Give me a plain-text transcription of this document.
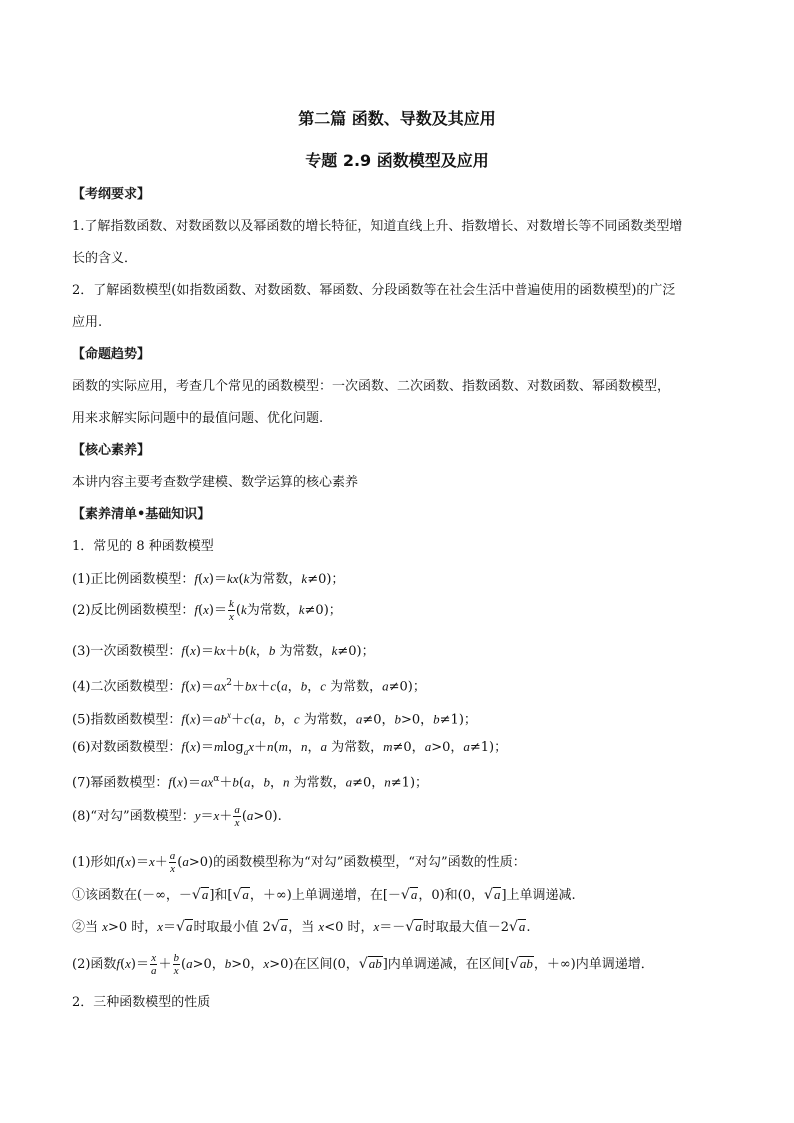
第二篇 函数、导数及其应用
专题 2.9 函数模型及应用
【考纲要求】
1.了解指数函数、对数函数以及幂函数的增长特征，知道直线上升、指数增长、对数增长等不同函数类型增
长的含义．
2．了解函数模型(如指数函数、对数函数、幂函数、分段函数等在社会生活中普遍使用的函数模型)的广泛
应用.
【命题趋势】
函数的实际应用，考查几个常见的函数模型：一次函数、二次函数、指数函数、对数函数、幂函数模型，
用来求解实际问题中的最值问题、优化问题.
【核心素养】
本讲内容主要考查数学建模、数学运算的核心素养
【素养清单•基础知识】
1．常见的 8 种函数模型
(1)正比例函数模型：f(x)＝kx(k为常数，k≠0)；
(2)反比例函数模型：$f(x)= \frac{k}{x} (k$为常数，k≠0)；
(3)一次函数模型：f(x)＝kx＋b(k，b 为常数，k≠0)；
(4)二次函数模型：$f(x)=ax^2+bx+c(a$，b，c 为常数，a≠0)；
(5)指数函数模型：$f(x)=ab^x+c(a$，b，c 为常数，a≠0，b>0，b≠1)；
(6)对数函数模型：f(x)＝mlog$_a$x＋n(m，n，a 为常数，m≠0，a>0，a≠1)；
(7)幂函数模型：$f(x)=ax^\alpha+b(a$，b，n 为常数，a≠0，n≠1)；
(8)“对勾”函数模型：$y=x+ \frac{a}{x} (a>0)$.
(1)形如$f(x)=x+ \frac{a}{x} (a>0)$的函数模型称为“对勾”函数模型，“对勾”函数的性质：
①该函数在(－∞，－√a]和[√a，＋∞)上单调递增，在[－√a，0)和(0，√a]上单调递减.
②当 x>0 时，x＝√a时取最小值 2√a，当 x<0 时，x＝－√a时取最大值－2√a.
(2)函数$f(x)= \frac{x}{a} + \frac{b}{x} (a>0$，b>0，x>0)在区间(0，√ab]内单调递减，在区间[√ab，＋∞)内单调递增．
2．三种函数模型的性质
